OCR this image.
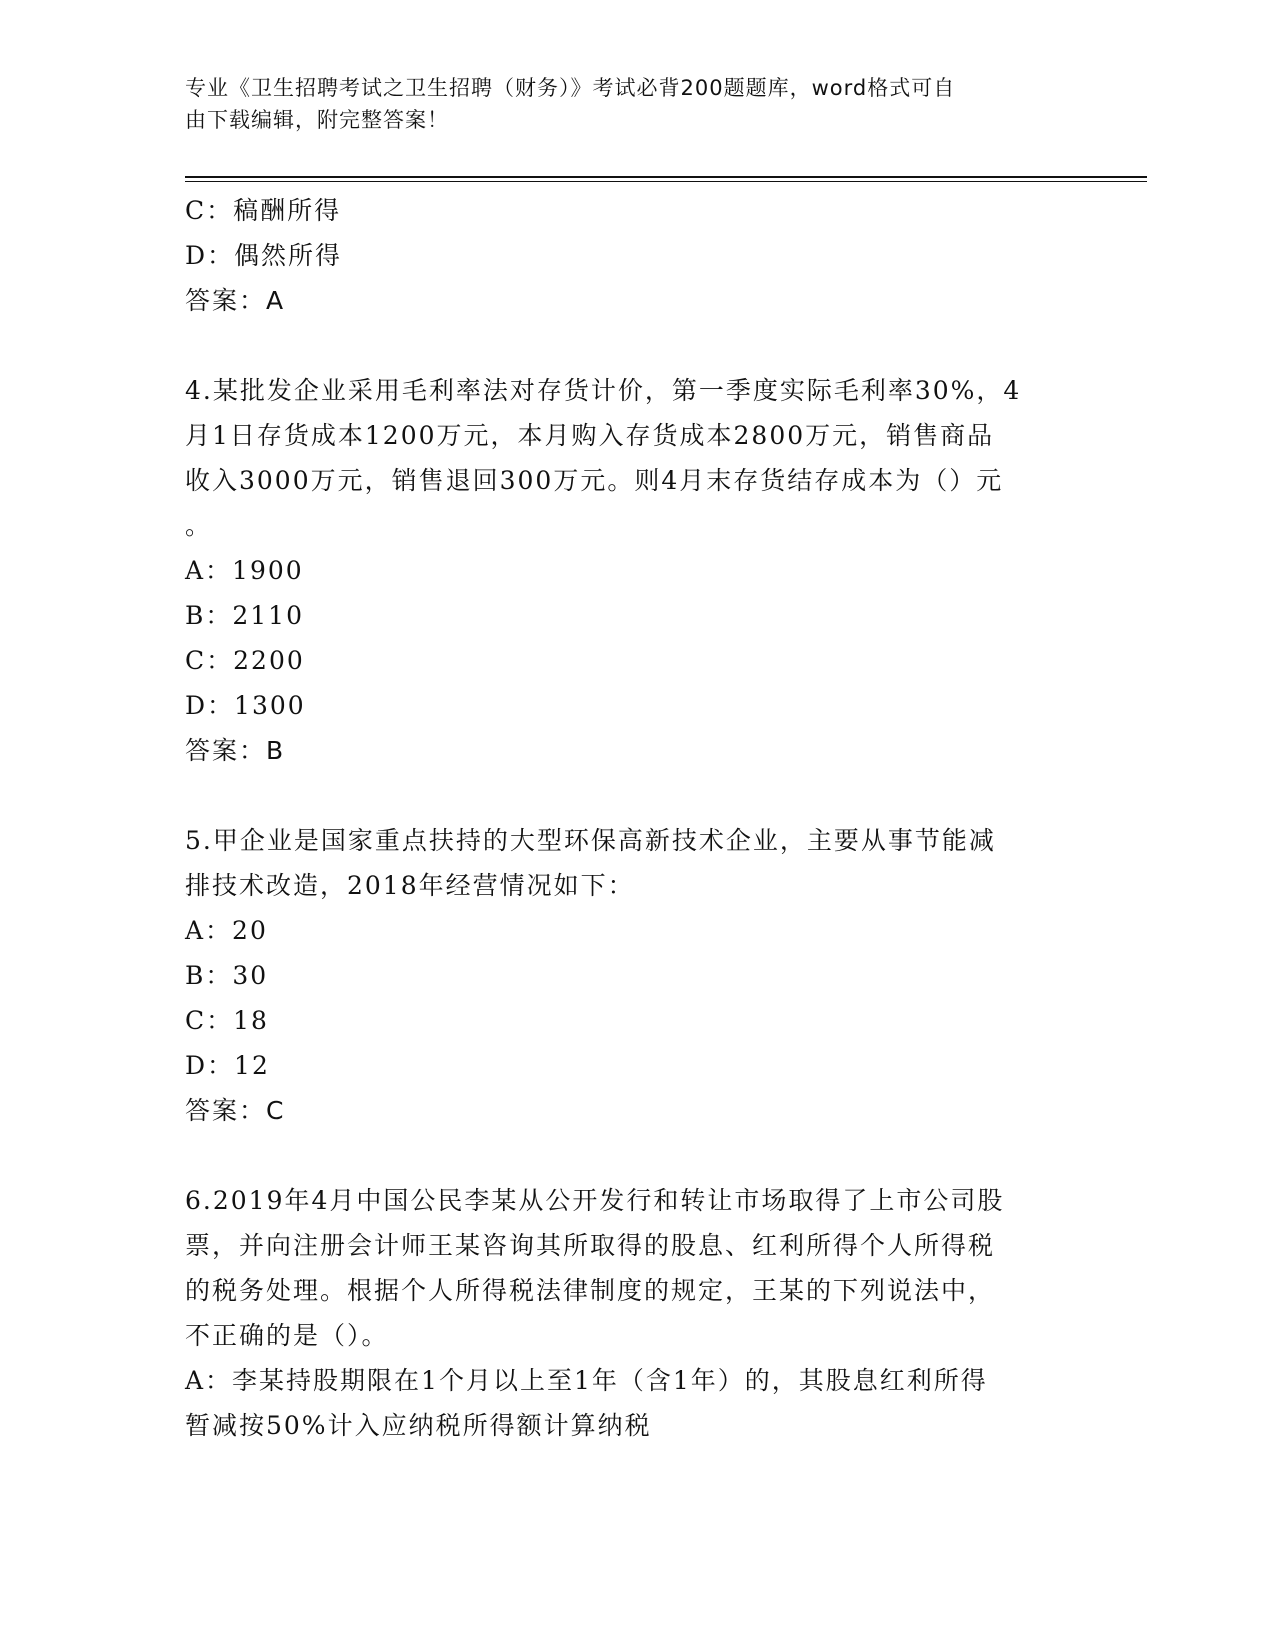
专业《卫生招聘考试之卫生招聘（财务）》考试必背200题题库，word格式可自
由下载编辑，附完整答案！
C：稿酬所得
D：偶然所得
答案：A
4.某批发企业采用毛利率法对存货计价，第一季度实际毛利率30%，4
月1日存货成本1200万元，本月购入存货成本2800万元，销售商品
收入3000万元，销售退回300万元。则4月末存货结存成本为（）元
。
A：1900
B：2110
C：2200
D：1300
答案：B
5.甲企业是国家重点扶持的大型环保高新技术企业，主要从事节能减
排技术改造，2018年经营情况如下：
A：20
B：30
C：18
D：12
答案：C
6.2019年4月中国公民李某从公开发行和转让市场取得了上市公司股
票，并向注册会计师王某咨询其所取得的股息、红利所得个人所得税
的税务处理。根据个人所得税法律制度的规定，王某的下列说法中，
不正确的是（）。
A：李某持股期限在1个月以上至1年（含1年）的，其股息红利所得
暂减按50%计入应纳税所得额计算纳税
